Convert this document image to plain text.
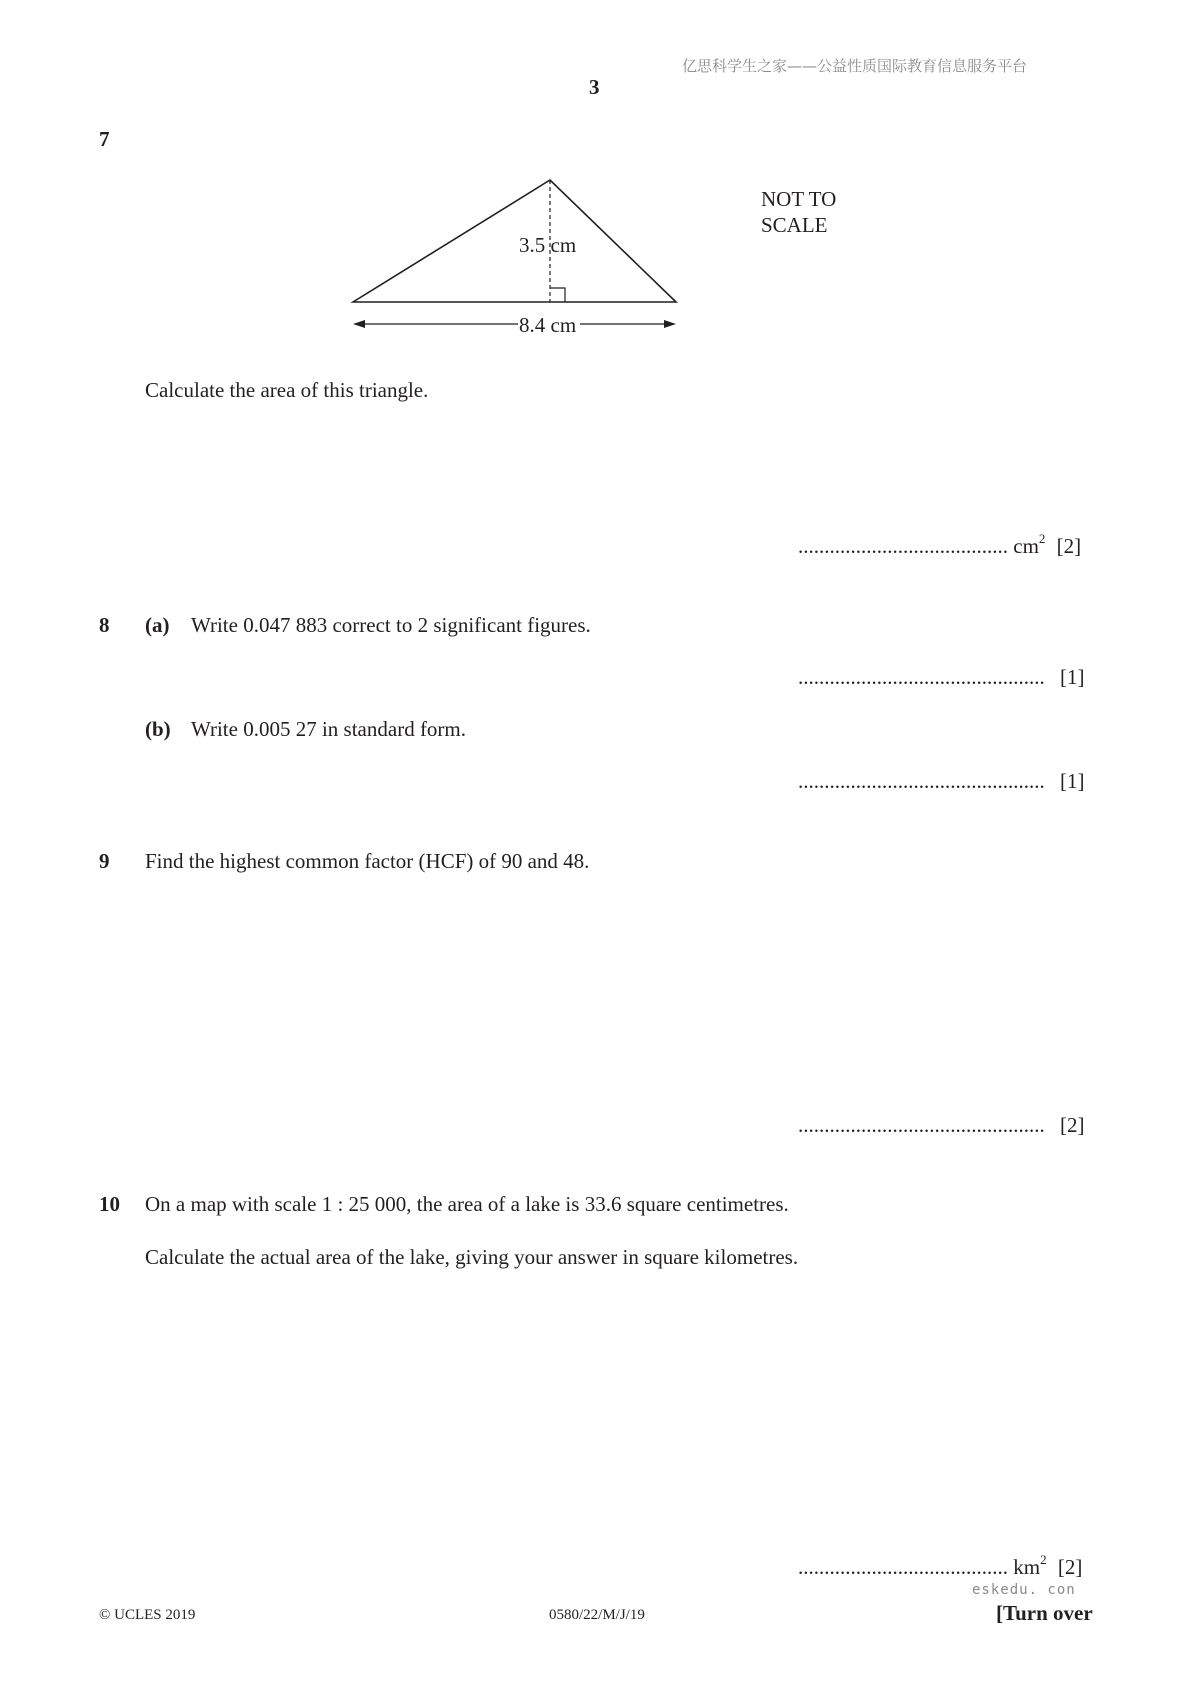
亿思科学生之家——公益性质国际教育信息服务平台
3
7
3.5 cm
8.4 cm
NOT TO
SCALE
Calculate the area of this triangle.
........................................ $cm^2$ [2]
8 (a) Write 0.047 883 correct to 2 significant figures.
............................................... [1]
(b) Write 0.005 27 in standard form.
............................................... [1]
9 Find the highest common factor (HCF) of 90 and 48.
............................................... [2]
10 On a map with scale 1 : 25 000, the area of a lake is 33.6 square centimetres.
Calculate the actual area of the lake, giving your answer in square kilometres.
........................................ $km^2$ [2]
eskedu. con
© UCLES 2019	0580/22/M/J/19	[Turn over
